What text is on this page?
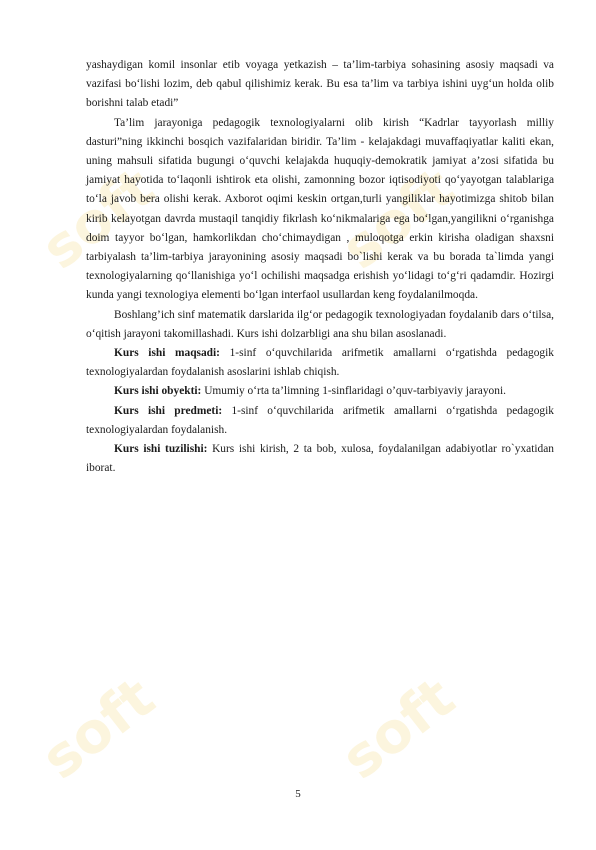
soft	soft
soft	soft

yashaydigan komil insonlar etib voyaga yetkazish – ta’lim-tarbiya sohasining asosiy maqsadi va vazifasi bo‘lishi lozim, deb qabul qilishimiz kerak. Bu esa ta’lim va tarbiya ishini uyg‘un holda olib borishni talab etadi”

Ta’lim jarayoniga pedagogik texnologiyalarni olib kirish “Kadrlar tayyorlash milliy dasturi”ning ikkinchi bosqich vazifalaridan biridir. Ta’lim - kelajakdagi muvaffaqiyatlar kaliti ekan, uning mahsuli sifatida bugungi o‘quvchi kelajakda huquqiy-demokratik jamiyat a’zosi sifatida bu jamiyat hayotida to‘laqonli ishtirok eta olishi, zamonning bozor iqtisodiyoti qo‘yayotgan talablariga to‘la javob bera olishi kerak. Axborot oqimi keskin ortgan,turli yangiliklar hayotimizga shitob bilan kirib kelayotgan davrda mustaqil tanqidiy fikrlash ko‘nikmalariga ega bo‘lgan,yangilikni o‘rganishga doim tayyor bo‘lgan, hamkorlikdan cho‘chimaydigan , muloqotga erkin kirisha oladigan shaxsni tarbiyalash ta’lim-tarbiya jarayonining asosiy maqsadi bo`lishi kerak va bu borada ta`limda yangi texnologiyalarning qo‘llanishiga yo‘l ochilishi maqsadga erishish yo‘lidagi to‘g‘ri qadamdir. Hozirgi kunda yangi texnologiya elementi bo‘lgan interfaol usullardan keng foydalanilmoqda.

Boshlang’ich sinf matematik darslarida ilg‘or pedagogik texnologiyadan foydalanib dars o‘tilsa, o‘qitish jarayoni takomillashadi. Kurs ishi dolzarbligi ana shu bilan asoslanadi.

Kurs ishi maqsadi: 1-sinf o‘quvchilarida arifmetik amallarni o‘rgatishda pedagogik texnologiyalardan foydalanish asoslarini ishlab chiqish.

Kurs ishi obyekti: Umumiy o‘rta ta’limning 1-sinflaridagi o’quv-tarbiyaviy jarayoni.

Kurs ishi predmeti: 1-sinf o‘quvchilarida arifmetik amallarni o‘rgatishda pedagogik texnologiyalardan foydalanish.

Kurs ishi tuzilishi: Kurs ishi kirish, 2 ta bob, xulosa, foydalanilgan adabiyotlar ro`yxatidan iborat.

5
